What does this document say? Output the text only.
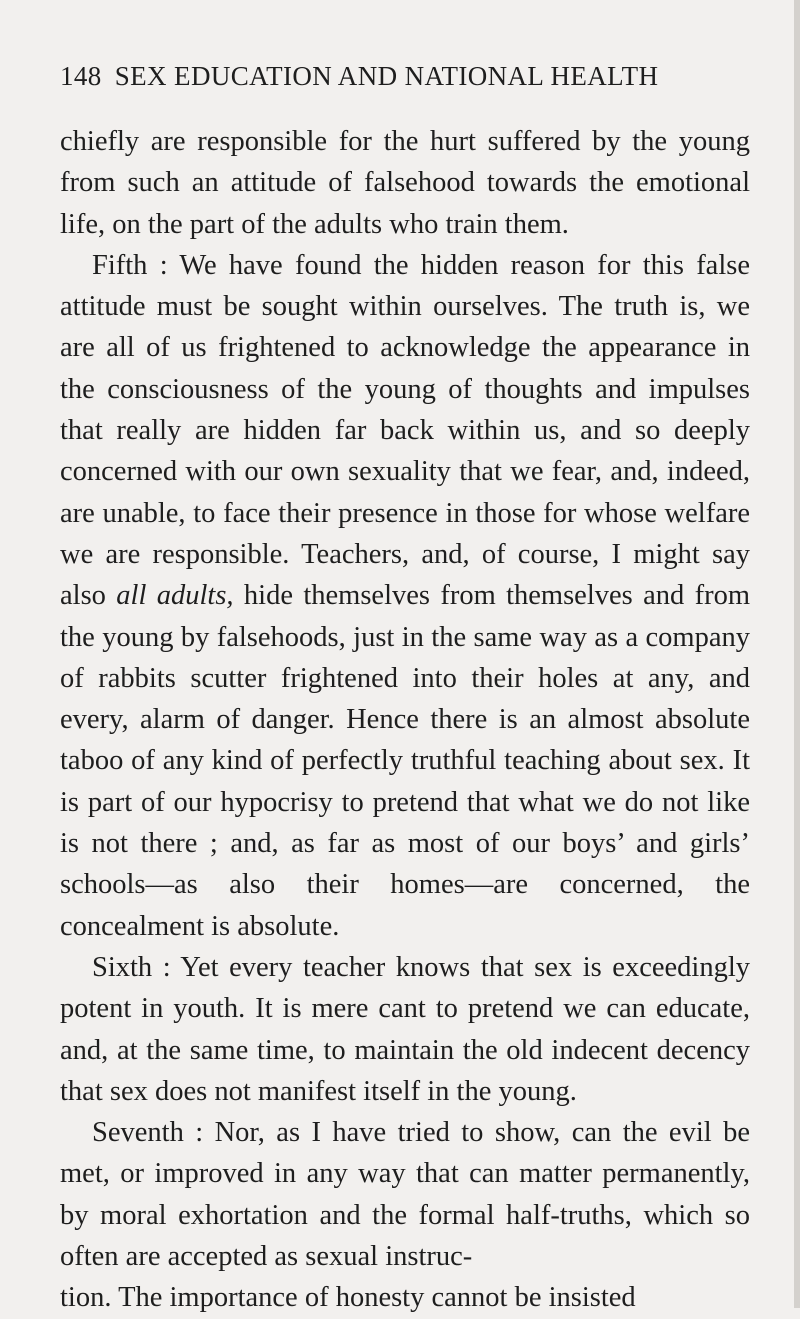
148 SEX EDUCATION AND NATIONAL HEALTH

chiefly are responsible for the hurt suffered by the young from such an attitude of falsehood towards the emotional life, on the part of the adults who train them.

Fifth : We have found the hidden reason for this false attitude must be sought within ourselves. The truth is, we are all of us frightened to acknowledge the appearance in the consciousness of the young of thoughts and impulses that really are hidden far back within us, and so deeply concerned with our own sexuality that we fear, and, indeed, are unable, to face their presence in those for whose welfare we are responsible. Teachers, and, of course, I might say also all adults, hide themselves from themselves and from the young by falsehoods, just in the same way as a company of rabbits scutter frightened into their holes at any, and every, alarm of danger. Hence there is an almost absolute taboo of any kind of perfectly truthful teaching about sex. It is part of our hypocrisy to pretend that what we do not like is not there ; and, as far as most of our boys’ and girls’ schools—as also their homes—are concerned, the concealment is absolute.

Sixth : Yet every teacher knows that sex is exceedingly potent in youth. It is mere cant to pretend we can educate, and, at the same time, to maintain the old indecent decency that sex does not manifest itself in the young.

Seventh : Nor, as I have tried to show, can the evil be met, or improved in any way that can matter permanently, by moral exhortation and the formal half-truths, which so often are accepted as sexual instruc-

tion. The importance of honesty cannot be insisted
